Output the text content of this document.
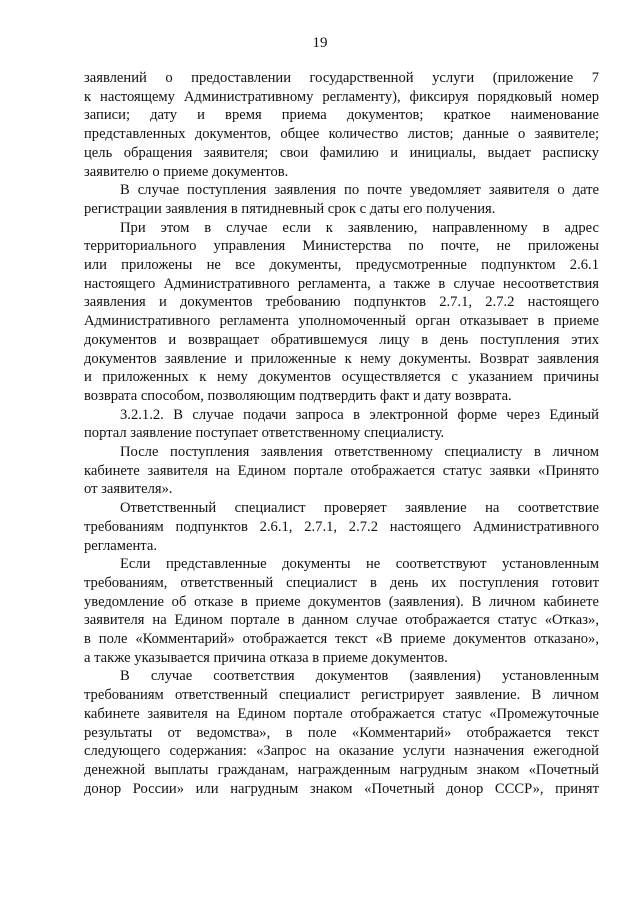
19
заявлений о предоставлении государственной услуги (приложение 7
к настоящему Административному регламенту), фиксируя порядковый номер
записи; дату и время приема документов; краткое наименование
представленных документов, общее количество листов; данные о заявителе;
цель обращения заявителя; свои фамилию и инициалы, выдает расписку
заявителю о приеме документов.
В случае поступления заявления по почте уведомляет заявителя о дате
регистрации заявления в пятидневный срок с даты его получения.
При этом в случае если к заявлению, направленному в адрес
территориального управления Министерства по почте, не приложены
или приложены не все документы, предусмотренные подпунктом 2.6.1
настоящего Административного регламента, а также в случае несоответствия
заявления и документов требованию подпунктов 2.7.1, 2.7.2 настоящего
Административного регламента уполномоченный орган отказывает в приеме
документов и возвращает обратившемуся лицу в день поступления этих
документов заявление и приложенные к нему документы. Возврат заявления
и приложенных к нему документов осуществляется с указанием причины
возврата способом, позволяющим подтвердить факт и дату возврата.
3.2.1.2. В случае подачи запроса в электронной форме через Единый
портал заявление поступает ответственному специалисту.
После поступления заявления ответственному специалисту в личном
кабинете заявителя на Едином портале отображается статус заявки «Принято
от заявителя».
Ответственный специалист проверяет заявление на соответствие
требованиям подпунктов 2.6.1, 2.7.1, 2.7.2 настоящего Административного
регламента.
Если представленные документы не соответствуют установленным
требованиям, ответственный специалист в день их поступления готовит
уведомление об отказе в приеме документов (заявления). В личном кабинете
заявителя на Едином портале в данном случае отображается статус «Отказ»,
в поле «Комментарий» отображается текст «В приеме документов отказано»,
а также указывается причина отказа в приеме документов.
В случае соответствия документов (заявления) установленным
требованиям ответственный специалист регистрирует заявление. В личном
кабинете заявителя на Едином портале отображается статус «Промежуточные
результаты от ведомства», в поле «Комментарий» отображается текст
следующего содержания: «Запрос на оказание услуги назначения ежегодной
денежной выплаты гражданам, награжденным нагрудным знаком «Почетный
донор России» или нагрудным знаком «Почетный донор СССР», принят
